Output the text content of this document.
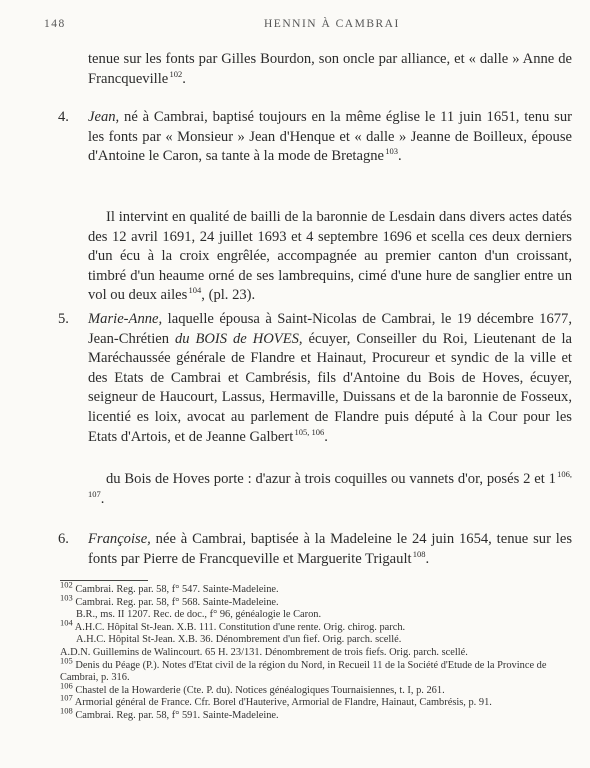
148	HENNIN À CAMBRAI
tenue sur les fonts par Gilles Bourdon, son oncle par alliance, et « dalle » Anne de Francqueville $^{102}$.
4. Jean, né à Cambrai, baptisé toujours en la même église le 11 juin 1651, tenu sur les fonts par « Monsieur » Jean d'Henque et « dalle » Jeanne de Boilleux, épouse d'Antoine le Caron, sa tante à la mode de Bretagne $^{103}$.
Il intervint en qualité de bailli de la baronnie de Lesdain dans divers actes datés des 12 avril 1691, 24 juillet 1693 et 4 septembre 1696 et scella ces deux derniers d'un écu à la croix engrêlée, accompagnée au premier canton d'un croissant, timbré d'un heaume orné de ses lambrequins, cimé d'une hure de sanglier entre un vol ou deux ailes $^{104}$, (pl. 23).
5. Marie-Anne, laquelle épousa à Saint-Nicolas de Cambrai, le 19 décembre 1677, Jean-Chrétien du BOIS de HOVES, écuyer, Conseiller du Roi, Lieutenant de la Maréchaussée générale de Flandre et Hainaut, Procureur et syndic de la ville et des Etats de Cambrai et Cambrésis, fils d'Antoine du Bois de Hoves, écuyer, seigneur de Haucourt, Lassus, Hermaville, Duissans et de la baronnie de Fosseux, licentié es loix, avocat au parlement de Flandre puis député à la Cour pour les Etats d'Artois, et de Jeanne Galbert $^{105, 106}$.
du Bois de Hoves porte : d'azur à trois coquilles ou vannets d'or, posés 2 et 1 $^{106, 107}$.
6. Françoise, née à Cambrai, baptisée à la Madeleine le 24 juin 1654, tenue sur les fonts par Pierre de Francqueville et Marguerite Trigault $^{108}$.
$^{102}$ Cambrai. Reg. par. 58, f° 547. Sainte-Madeleine.
$^{103}$ Cambrai. Reg. par. 58, f° 568. Sainte-Madeleine.
B.R., ms. II 1207. Rec. de doc., f° 96, généalogie le Caron.
$^{104}$ A.H.C. Hôpital St-Jean. X.B. 111. Constitution d'une rente. Orig. chirog. parch.
A.H.C. Hôpital St-Jean. X.B. 36. Dénombrement d'un fief. Orig. parch. scellé.
A.D.N. Guillemins de Walincourt. 65 H. 23/131. Dénombrement de trois fiefs. Orig. parch. scellé.
$^{105}$ Denis du Péage (P.). Notes d'Etat civil de la région du Nord, in Recueil 11 de la Société d'Etude de la Province de Cambrai, p. 316.
$^{106}$ Chastel de la Howarderie (Cte. P. du). Notices généalogiques Tournaisiennes, t. I, p. 261.
$^{107}$ Armorial général de France. Cfr. Borel d'Hauterive, Armorial de Flandre, Hainaut, Cambrésis, p. 91.
$^{108}$ Cambrai. Reg. par. 58, f° 591. Sainte-Madeleine.
